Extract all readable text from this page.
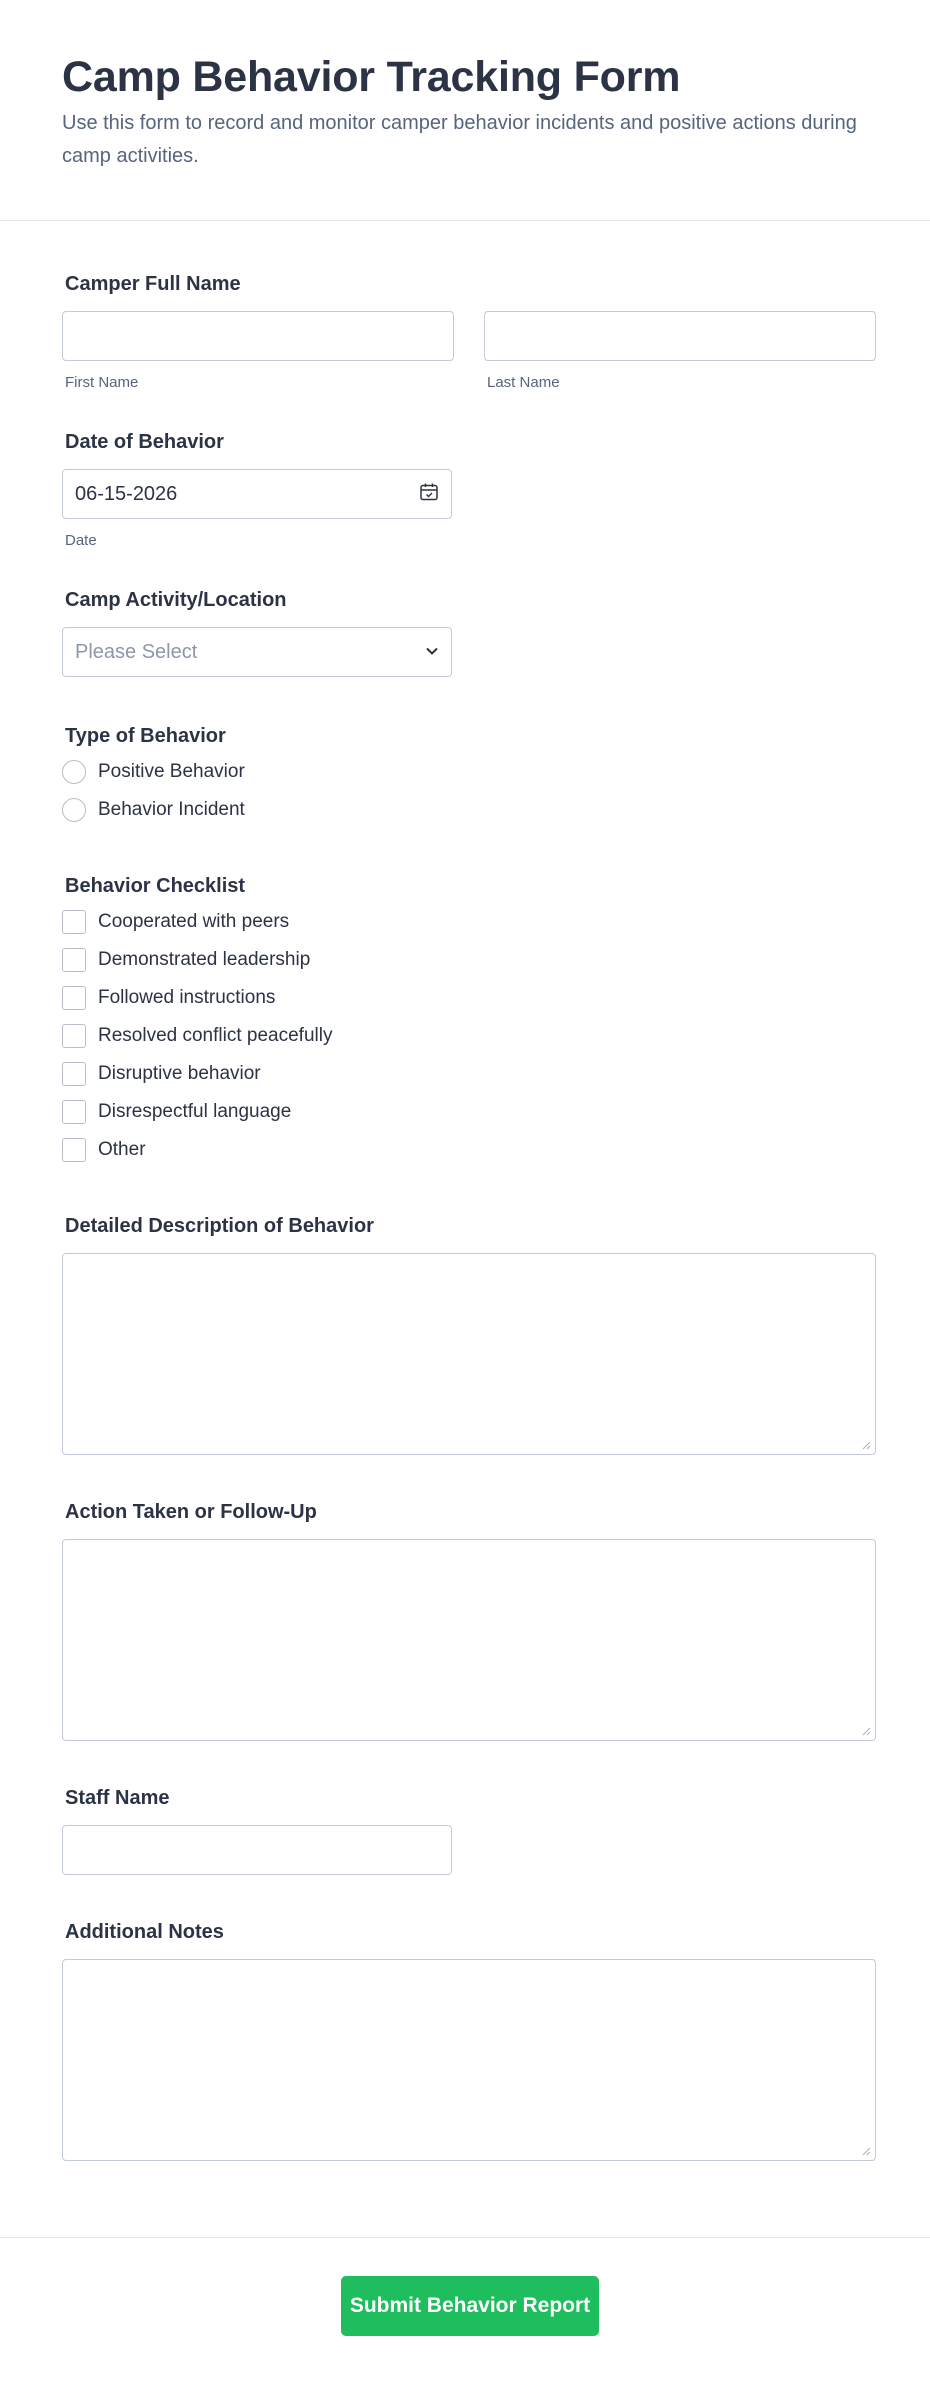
Camp Behavior Tracking Form

Use this form to record and monitor camper behavior incidents and positive actions during camp activities.

Camper Full Name
First Name	Last Name
Date of Behavior
06-15-2026
Date
Camp Activity/Location
Please Select
Type of Behavior
Positive Behavior
Behavior Incident
Behavior Checklist
Cooperated with peers
Demonstrated leadership
Followed instructions
Resolved conflict peacefully
Disruptive behavior
Disrespectful language
Other
Detailed Description of Behavior
Action Taken or Follow-Up
Staff Name
Additional Notes
Submit Behavior Report
